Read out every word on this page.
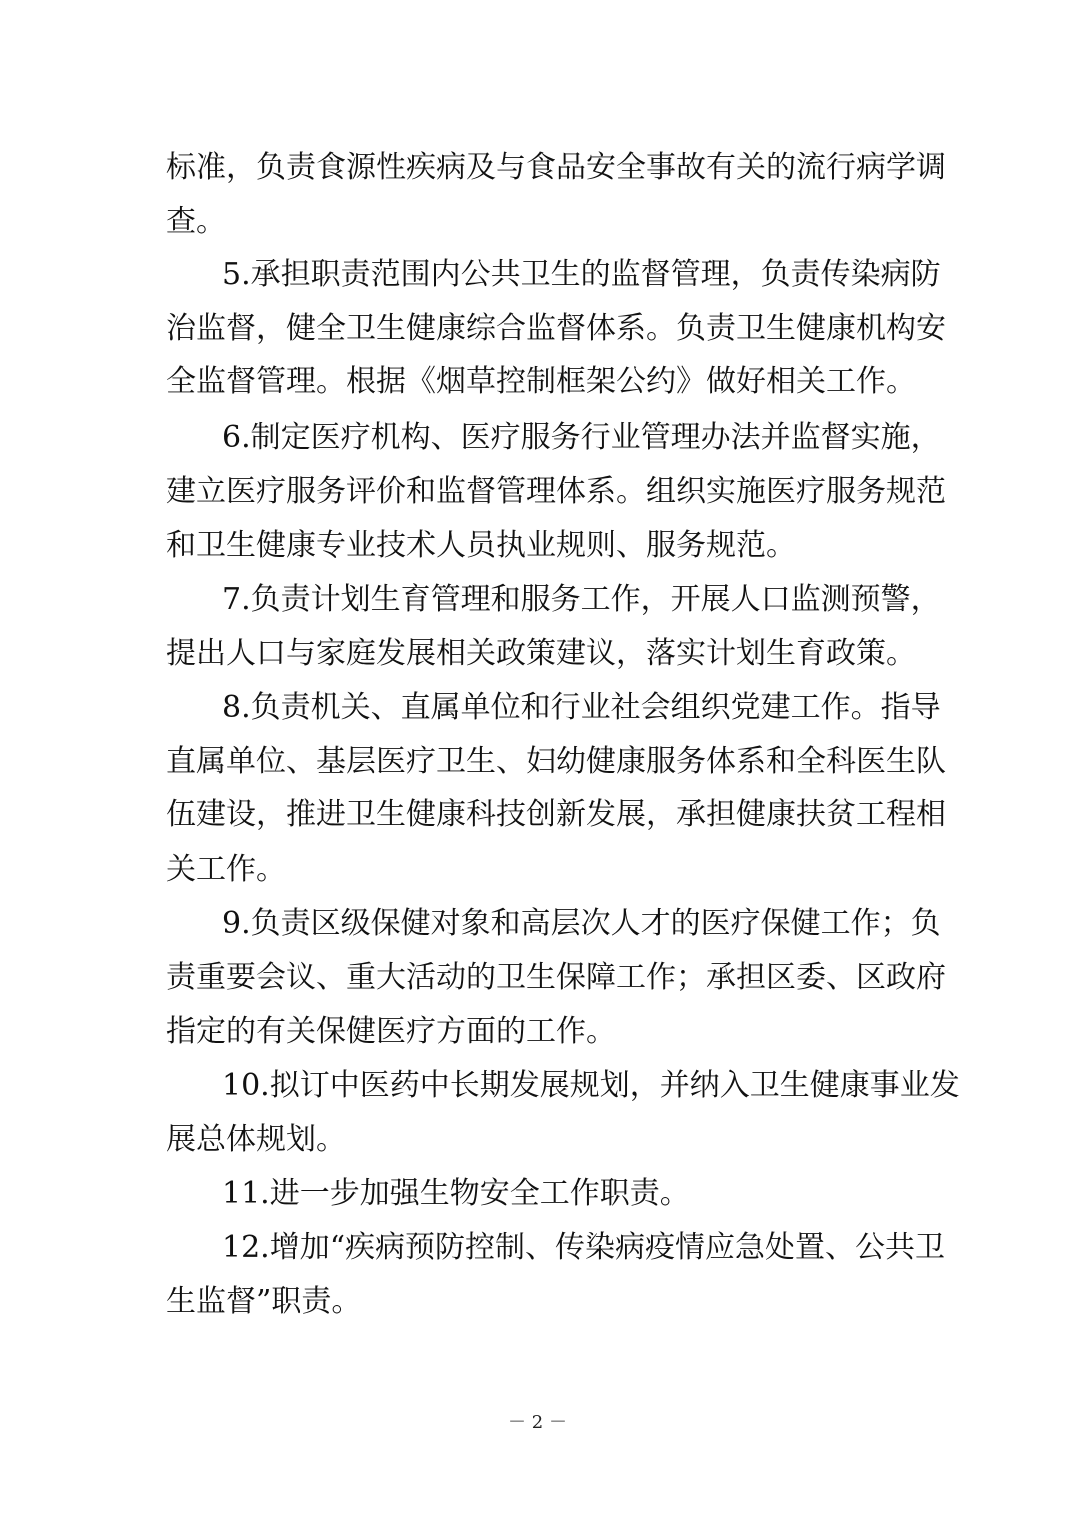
标准，负责食源性疾病及与食品安全事故有关的流行病学调
查。
5.承担职责范围内公共卫生的监督管理，负责传染病防
治监督，健全卫生健康综合监督体系。负责卫生健康机构安
全监督管理。根据《烟草控制框架公约》做好相关工作。
6.制定医疗机构、医疗服务行业管理办法并监督实施，
建立医疗服务评价和监督管理体系。组织实施医疗服务规范
和卫生健康专业技术人员执业规则、服务规范。
7.负责计划生育管理和服务工作，开展人口监测预警，
提出人口与家庭发展相关政策建议，落实计划生育政策。
8.负责机关、直属单位和行业社会组织党建工作。指导
直属单位、基层医疗卫生、妇幼健康服务体系和全科医生队
伍建设，推进卫生健康科技创新发展，承担健康扶贫工程相
关工作。
9.负责区级保健对象和高层次人才的医疗保健工作；负
责重要会议、重大活动的卫生保障工作；承担区委、区政府
指定的有关保健医疗方面的工作。
10.拟订中医药中长期发展规划，并纳入卫生健康事业发
展总体规划。
11.进一步加强生物安全工作职责。
12.增加“疾病预防控制、传染病疫情应急处置、公共卫
生监督”职责。
－ 2 －
